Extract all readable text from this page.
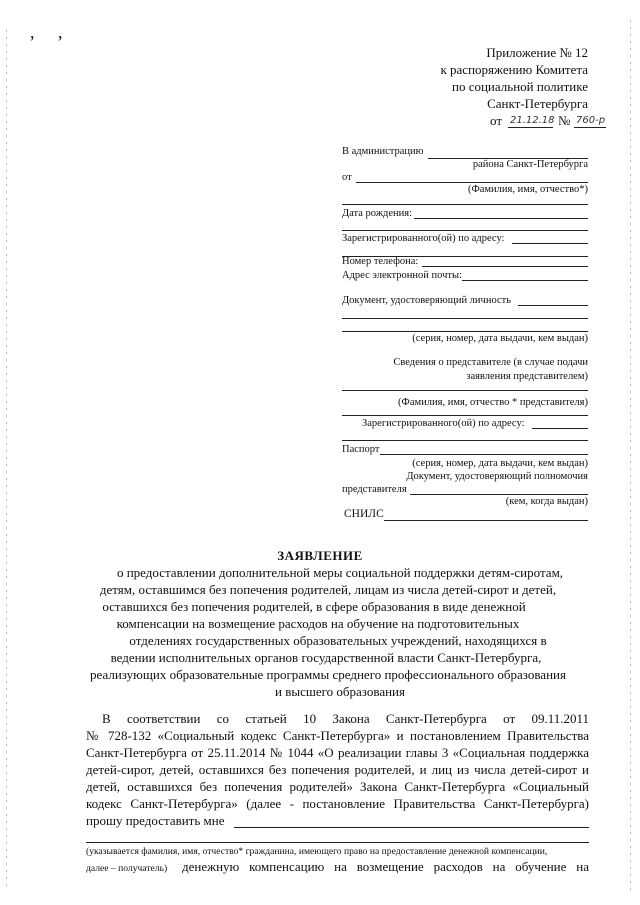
, ,
Приложение № 12
к распоряжению Комитета
по социальной политике
Санкт-Петербурга
от 21.12.18 № 760-р
В администрацию
района Санкт-Петербурга
от
(Фамилия, имя, отчество*)
Дата рождения:
Зарегистрированного(ой) по адресу:
Номер телефона:
Адрес электронной почты:
Документ, удостоверяющий личность
(серия, номер, дата выдачи, кем выдан)
Сведения о представителе (в случае подачи
заявления представителем)
(Фамилия, имя, отчество * представителя)
Зарегистрированного(ой) по адресу:
Паспорт
(серия, номер, дата выдачи, кем выдан)
Документ, удостоверяющий полномочия
представителя
(кем, когда выдан)
СНИЛС
ЗАЯВЛЕНИЕ
о предоставлении дополнительной меры социальной поддержки детям-сиротам,
детям, оставшимся без попечения родителей, лицам из числа детей-сирот и детей,
оставшихся без попечения родителей, в сфере образования в виде денежной
компенсации на возмещение расходов на обучение на подготовительных
отделениях государственных образовательных учреждений, находящихся в
ведении исполнительных органов государственной власти Санкт-Петербурга,
реализующих образовательные программы среднего профессионального образования
и высшего образования
В соответствии со статьей 10 Закона Санкт-Петербурга от 09.11.2011
№ 728-132 «Социальный кодекс Санкт-Петербурга» и постановлением Правительства
Санкт-Петербурга от 25.11.2014 № 1044 «О реализации главы 3 «Социальная поддержка
детей-сирот, детей, оставшихся без попечения родителей, и лиц из числа детей-сирот и
детей, оставшихся без попечения родителей» Закона Санкт-Петербурга «Социальный
кодекс Санкт-Петербурга» (далее - постановление Правительства Санкт-Петербурга)
прошу предоставить мне
(указывается фамилия, имя, отчество* гражданина, имеющего право на предоставление денежной компенсации,
далее – получатель) денежную компенсацию на возмещение расходов на обучение на
